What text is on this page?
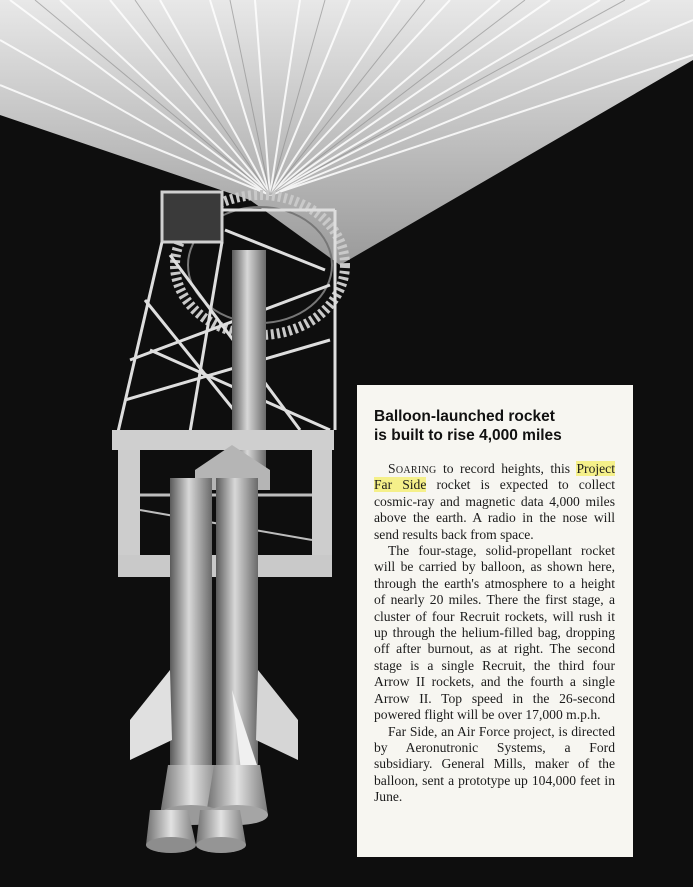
Balloon-launched rocket
is built to rise 4,000 miles

Soaring to record heights, this Project Far Side rocket is expected to collect cosmic-ray and magnetic data 4,000 miles above the earth. A radio in the nose will send results back from space.

The four-stage, solid-propellant rocket will be carried by balloon, as shown here, through the earth's atmosphere to a height of nearly 20 miles. There the first stage, a cluster of four Recruit rockets, will rush it up through the helium-filled bag, dropping off after burnout, as at right. The second stage is a single Recruit, the third four Arrow II rockets, and the fourth a single Arrow II. Top speed in the 26-second powered flight will be over 17,000 m.p.h.

Far Side, an Air Force project, is directed by Aeronutronic Systems, a Ford subsidiary. General Mills, maker of the balloon, sent a prototype up 104,000 feet in June.
